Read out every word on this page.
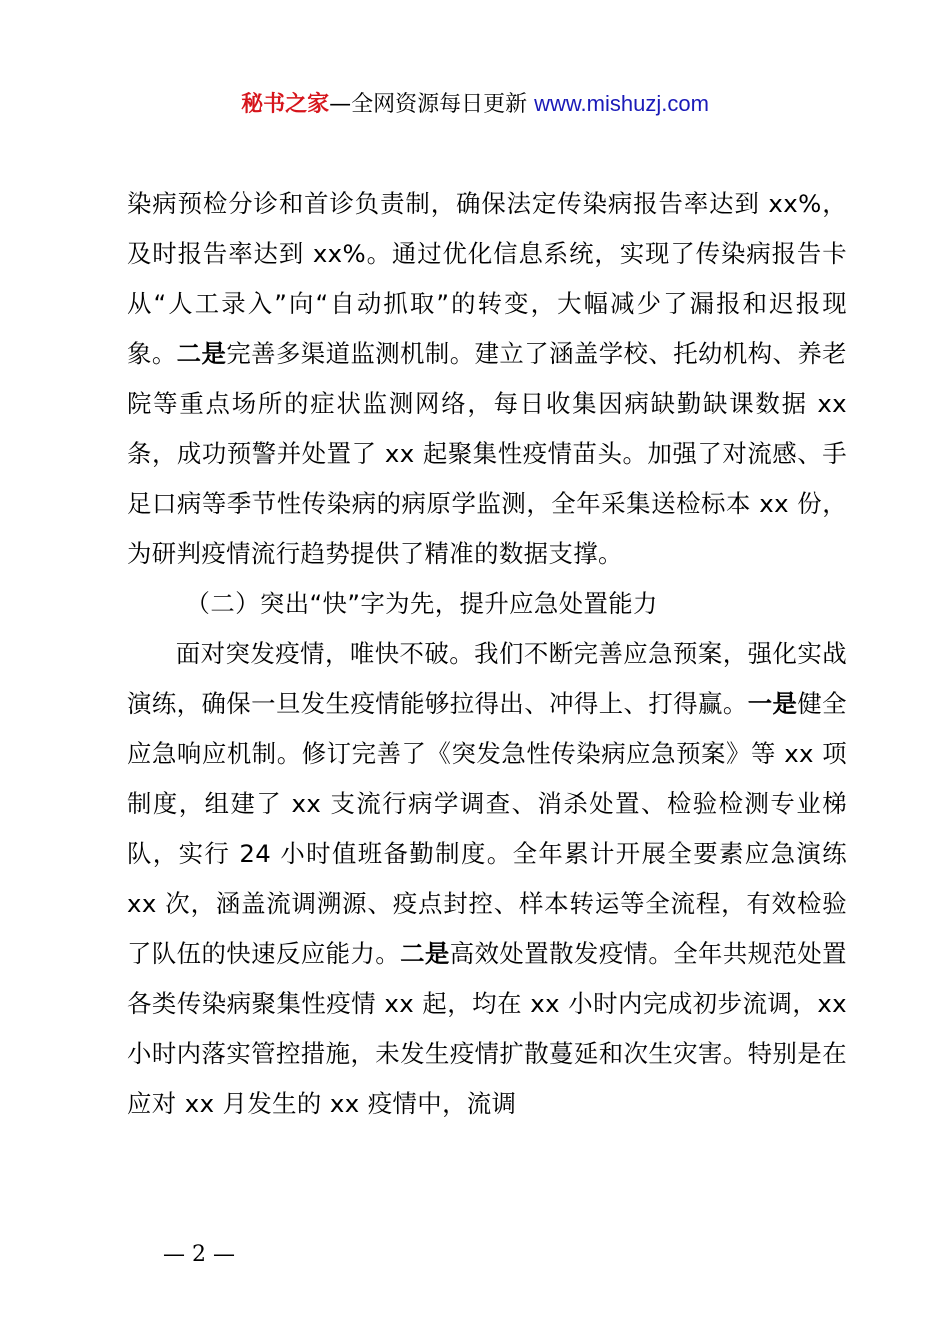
秘书之家—全网资源每日更新 www.mishuzj.com

染病预检分诊和首诊负责制，确保法定传染病报告率达到 xx%，及时报告率达到 xx%。通过优化信息系统，实现了传染病报告卡从“人工录入”向“自动抓取”的转变，大幅减少了漏报和迟报现象。二是完善多渠道监测机制。建立了涵盖学校、托幼机构、养老院等重点场所的症状监测网络，每日收集因病缺勤缺课数据 xx 条，成功预警并处置了 xx 起聚集性疫情苗头。加强了对流感、手足口病等季节性传染病的病原学监测，全年采集送检标本 xx 份，为研判疫情流行趋势提供了精准的数据支撑。

（二）突出“快”字为先，提升应急处置能力

面对突发疫情，唯快不破。我们不断完善应急预案，强化实战演练，确保一旦发生疫情能够拉得出、冲得上、打得赢。一是健全应急响应机制。修订完善了《突发急性传染病应急预案》等 xx 项制度，组建了 xx 支流行病学调查、消杀处置、检验检测专业梯队，实行 24 小时值班备勤制度。全年累计开展全要素应急演练 xx 次，涵盖流调溯源、疫点封控、样本转运等全流程，有效检验了队伍的快速反应能力。二是高效处置散发疫情。全年共规范处置各类传染病聚集性疫情 xx 起，均在 xx 小时内完成初步流调，xx 小时内落实管控措施，未发生疫情扩散蔓延和次生灾害。特别是在应对 xx 月发生的 xx 疫情中，流调

— 2 —
